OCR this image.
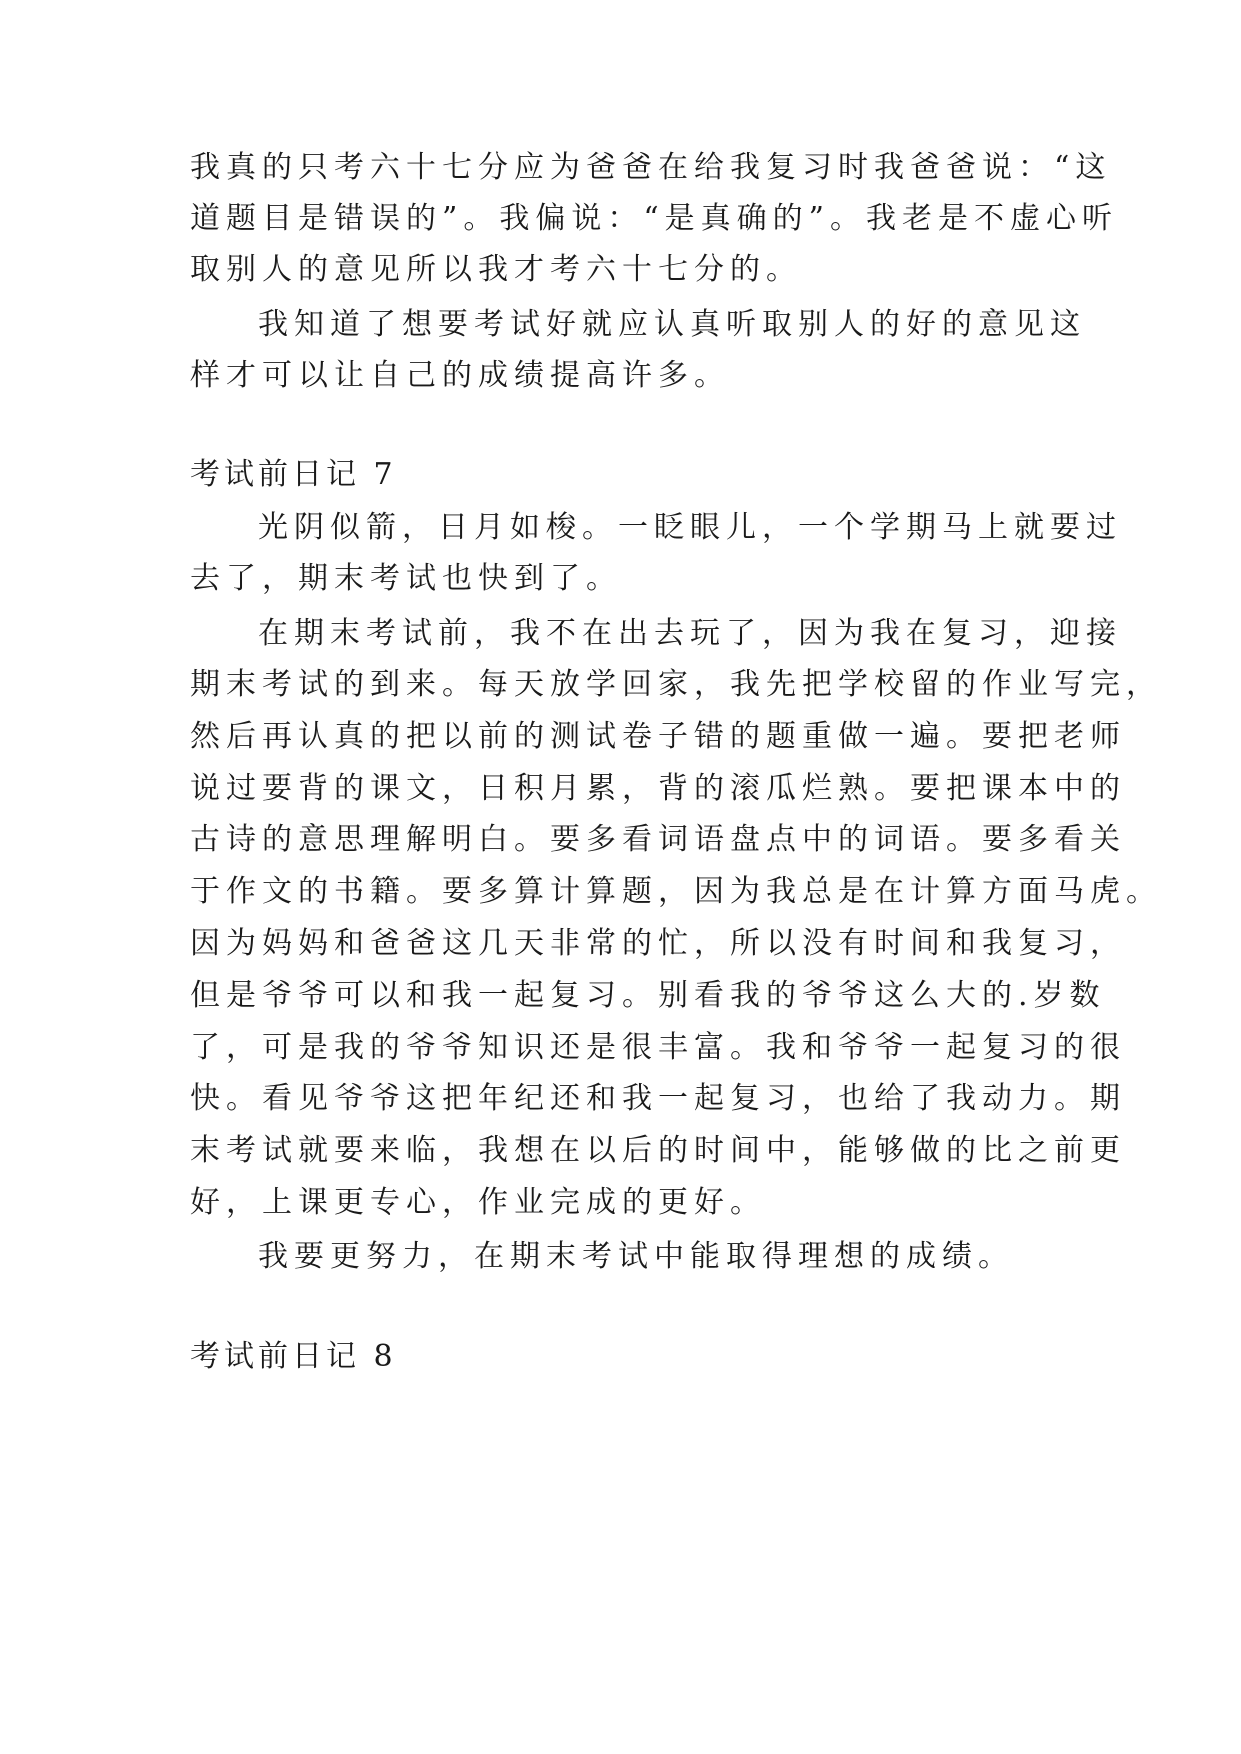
我真的只考六十七分应为爸爸在给我复习时我爸爸说：“这
道题目是错误的”。我偏说：“是真确的”。我老是不虚心听
取别人的意见所以我才考六十七分的。
我知道了想要考试好就应认真听取别人的好的意见这
样才可以让自己的成绩提高许多。
考试前日记 7
光阴似箭，日月如梭。一眨眼儿，一个学期马上就要过
去了，期末考试也快到了。
在期末考试前，我不在出去玩了，因为我在复习，迎接
期末考试的到来。每天放学回家，我先把学校留的作业写完，
然后再认真的把以前的测试卷子错的题重做一遍。要把老师
说过要背的课文，日积月累，背的滚瓜烂熟。要把课本中的
古诗的意思理解明白。要多看词语盘点中的词语。要多看关
于作文的书籍。要多算计算题，因为我总是在计算方面马虎。
因为妈妈和爸爸这几天非常的忙，所以没有时间和我复习，
但是爷爷可以和我一起复习。别看我的爷爷这么大的.岁数
了，可是我的爷爷知识还是很丰富。我和爷爷一起复习的很
快。看见爷爷这把年纪还和我一起复习，也给了我动力。期
末考试就要来临，我想在以后的时间中，能够做的比之前更
好，上课更专心，作业完成的更好。
我要更努力，在期末考试中能取得理想的成绩。
考试前日记 8
